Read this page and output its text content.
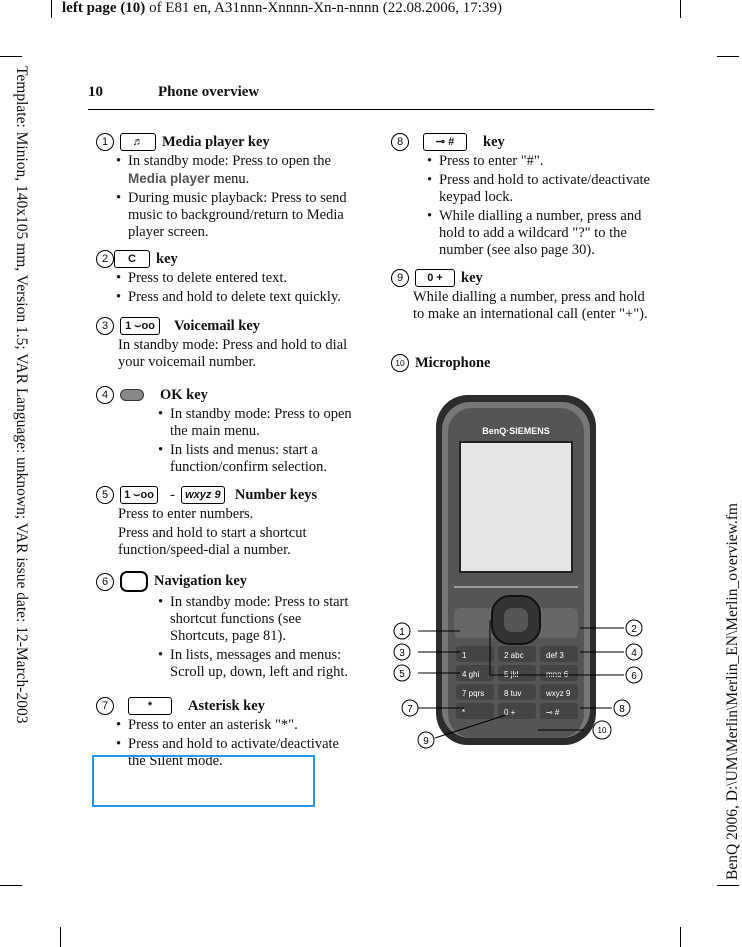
left page (10) of E81 en, A31nnn-Xnnnn-Xn-n-nnnn (22.08.2006, 17:39)
Template: Minion, 140x105 mm, Version 1.5; VAR Language: unknown; VAR issue date: 12-March-2003	BenQ 2006, D:\UM\Merlin\Merlin_EN\Merlin_overview.fm
10	Phone overview
1	♬	Media player key
• In standby mode: Press to open the
Media player menu.
• During music playback: Press to send music to background/return to Media player screen.
2	C	key
• Press to delete entered text.
• Press and hold to delete text quickly.
3	1 ⌣oo	Voicemail key
In standby mode: Press and hold to dial your voicemail number.
4	OK key
• In standby mode: Press to open the main menu.
• In lists and menus: start a function/confirm selection.
5	1 ⌣oo - wxyz 9 Number keys
Press to enter numbers.
Press and hold to start a shortcut function/speed-dial a number.
6	Navigation key
• In standby mode: Press to start shortcut functions (see Shortcuts, page 81).
• In lists, messages and menus: Scroll up, down, left and right.
7	*	Asterisk key
• Press to enter an asterisk "*".
• Press and hold to activate/deactivate the Silent mode.
8	⊸ #	key
• Press to enter "#".
• Press and hold to activate/deactivate keypad lock.
• While dialling a number, press and hold to add a wildcard "?" to the number (see also page 30).
9	0 +	key
While dialling a number, press and hold to make an international call (enter "+").
10 Microphone
BenQ·SIEMENS
1	2 abc	def 3
4 ghi	5 jkl	mno 6
7 pqrs 8 tuv	wxyz 9
*	0 +	⊸ #
1	2
3	4
5	6
7	8
9
10
